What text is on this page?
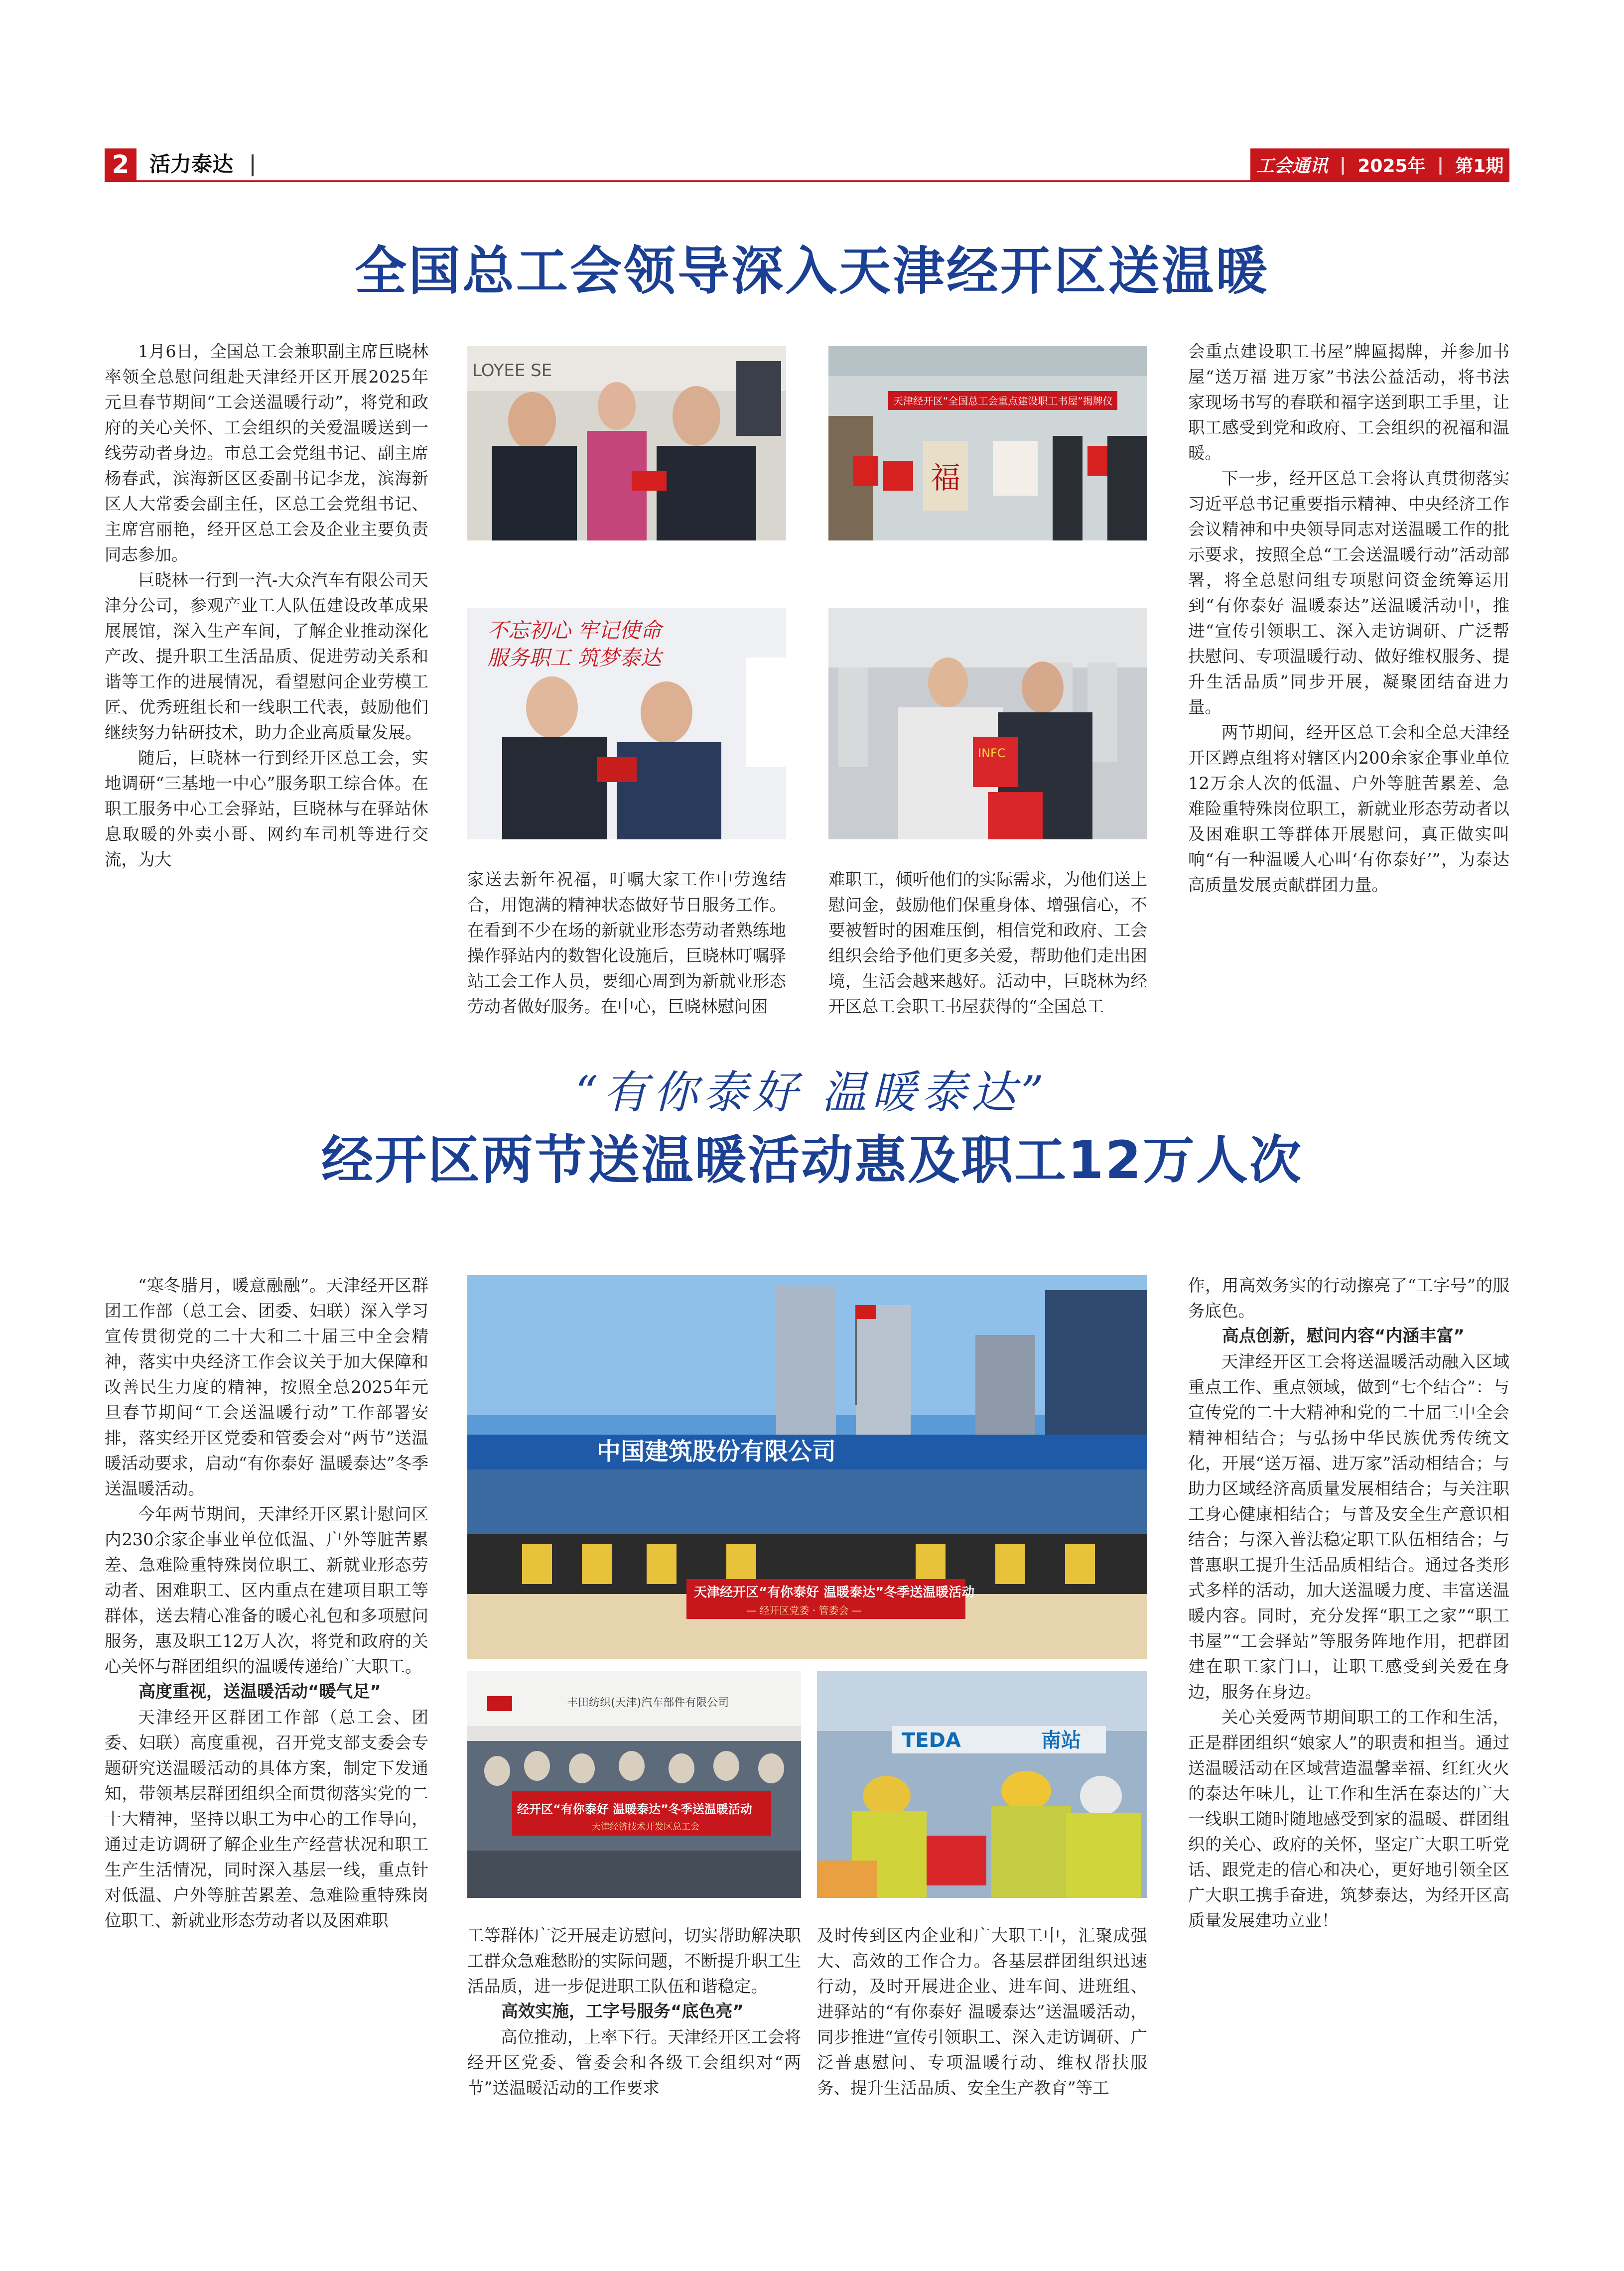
2 活力泰达	工会通讯 | 2025年 | 第1期
全国总工会领导深入天津经开区送温暖

1月6日，全国总工会兼职副主席巨晓林率领全总慰问组赴天津经开区开展2025年元旦春节期间“工会送温暖行动”，将党和政府的关心关怀、工会组织的关爱温暖送到一线劳动者身边。市总工会党组书记、副主席杨春武，滨海新区区委副书记李龙，滨海新区人大常委会副主任，区总工会党组书记、主席宫丽艳，经开区总工会及企业主要负责同志参加。

巨晓林一行到一汽-大众汽车有限公司天津分公司，参观产业工人队伍建设改革成果展展馆，深入生产车间，了解企业推动深化产改、提升职工生活品质、促进劳动关系和谐等工作的进展情况，看望慰问企业劳模工匠、优秀班组长和一线职工代表，鼓励他们继续努力钻研技术，助力企业高质量发展。

随后，巨晓林一行到经开区总工会，实地调研“三基地一中心”服务职工综合体。在职工服务中心工会驿站，巨晓林与在驿站休息取暖的外卖小哥、网约车司机等进行交流，为大

LOYEE SE
不忘初心 牢记使命
服务职工 筑梦泰达
天津经开区“全国总工会重点建设职工书屋”揭牌仪
福
INFC

家送去新年祝福，叮嘱大家工作中劳逸结合，用饱满的精神状态做好节日服务工作。在看到不少在场的新就业形态劳动者熟练地操作驿站内的数智化设施后，巨晓林叮嘱驿站工会工作人员，要细心周到为新就业形态劳动者做好服务。在中心，巨晓林慰问困

难职工，倾听他们的实际需求，为他们送上慰问金，鼓励他们保重身体、增强信心，不要被暂时的困难压倒，相信党和政府、工会组织会给予他们更多关爱，帮助他们走出困境，生活会越来越好。活动中，巨晓林为经开区总工会职工书屋获得的“全国总工

会重点建设职工书屋”牌匾揭牌，并参加书屋“送万福 进万家”书法公益活动，将书法家现场书写的春联和福字送到职工手里，让职工感受到党和政府、工会组织的祝福和温暖。

下一步，经开区总工会将认真贯彻落实习近平总书记重要指示精神、中央经济工作会议精神和中央领导同志对送温暖工作的批示要求，按照全总“工会送温暖行动”活动部署，将全总慰问组专项慰问资金统筹运用到“有你泰好 温暖泰达”送温暖活动中，推进“宣传引领职工、深入走访调研、广泛帮扶慰问、专项温暖行动、做好维权服务、提升生活品质”同步开展，凝聚团结奋进力量。

两节期间，经开区总工会和全总天津经开区蹲点组将对辖区内200余家企事业单位12万余人次的低温、户外等脏苦累差、急难险重特殊岗位职工，新就业形态劳动者以及困难职工等群体开展慰问，真正做实叫响“有一种温暖人心叫‘有你泰好’”，为泰达高质量发展贡献群团力量。

“有你泰好 温暖泰达”
经开区两节送温暖活动惠及职工12万人次

“寒冬腊月，暖意融融”。天津经开区群团工作部（总工会、团委、妇联）深入学习宣传贯彻党的二十大和二十届三中全会精神，落实中央经济工作会议关于加大保障和改善民生力度的精神，按照全总2025年元旦春节期间“工会送温暖行动”工作部署安排，落实经开区党委和管委会对“两节”送温暖活动要求，启动“有你泰好 温暖泰达”冬季送温暖活动。

今年两节期间，天津经开区累计慰问区内230余家企事业单位低温、户外等脏苦累差、急难险重特殊岗位职工、新就业形态劳动者、困难职工、区内重点在建项目职工等群体，送去精心准备的暖心礼包和多项慰问服务，惠及职工12万人次，将党和政府的关心关怀与群团组织的温暖传递给广大职工。

高度重视，送温暖活动“暖气足”

天津经开区群团工作部（总工会、团委、妇联）高度重视，召开党支部支委会专题研究送温暖活动的具体方案，制定下发通知，带领基层群团组织全面贯彻落实党的二十大精神，坚持以职工为中心的工作导向，通过走访调研了解企业生产经营状况和职工生产生活情况，同时深入基层一线，重点针对低温、户外等脏苦累差、急难险重特殊岗位职工、新就业形态劳动者以及困难职

中国建筑股份有限公司
天津经开区“有你泰好 温暖泰达”冬季送温暖活动
— 经开区党委 · 管委会 —
丰田纺织(天津)汽车部件有限公司
经开区“有你泰好 温暖泰达”冬季送温暖活动
天津经济技术开发区总工会
TEDA	南站

工等群体广泛开展走访慰问，切实帮助解决职工群众急难愁盼的实际问题，不断提升职工生活品质，进一步促进职工队伍和谐稳定。

高效实施，工字号服务“底色亮”

高位推动，上率下行。天津经开区工会将经开区党委、管委会和各级工会组织对“两节”送温暖活动的工作要求

及时传到区内企业和广大职工中，汇聚成强大、高效的工作合力。各基层群团组织迅速行动，及时开展进企业、进车间、进班组、进驿站的“有你泰好 温暖泰达”送温暖活动，同步推进“宣传引领职工、深入走访调研、广泛普惠慰问、专项温暖行动、维权帮扶服务、提升生活品质、安全生产教育”等工

作，用高效务实的行动擦亮了“工字号”的服务底色。

高点创新，慰问内容“内涵丰富”

天津经开区工会将送温暖活动融入区域重点工作、重点领域，做到“七个结合”：与宣传党的二十大精神和党的二十届三中全会精神相结合；与弘扬中华民族优秀传统文化，开展“送万福、进万家”活动相结合；与助力区域经济高质量发展相结合；与关注职工身心健康相结合；与普及安全生产意识相结合；与深入普法稳定职工队伍相结合；与普惠职工提升生活品质相结合。通过各类形式多样的活动，加大送温暖力度、丰富送温暖内容。同时，充分发挥“职工之家”“职工书屋”“工会驿站”等服务阵地作用，把群团建在职工家门口，让职工感受到关爱在身边，服务在身边。

关心关爱两节期间职工的工作和生活，正是群团组织“娘家人”的职责和担当。通过送温暖活动在区域营造温馨幸福、红红火火的泰达年味儿，让工作和生活在泰达的广大一线职工随时随地感受到家的温暖、群团组织的关心、政府的关怀，坚定广大职工听党话、跟党走的信心和决心，更好地引领全区广大职工携手奋进，筑梦泰达，为经开区高质量发展建功立业！
